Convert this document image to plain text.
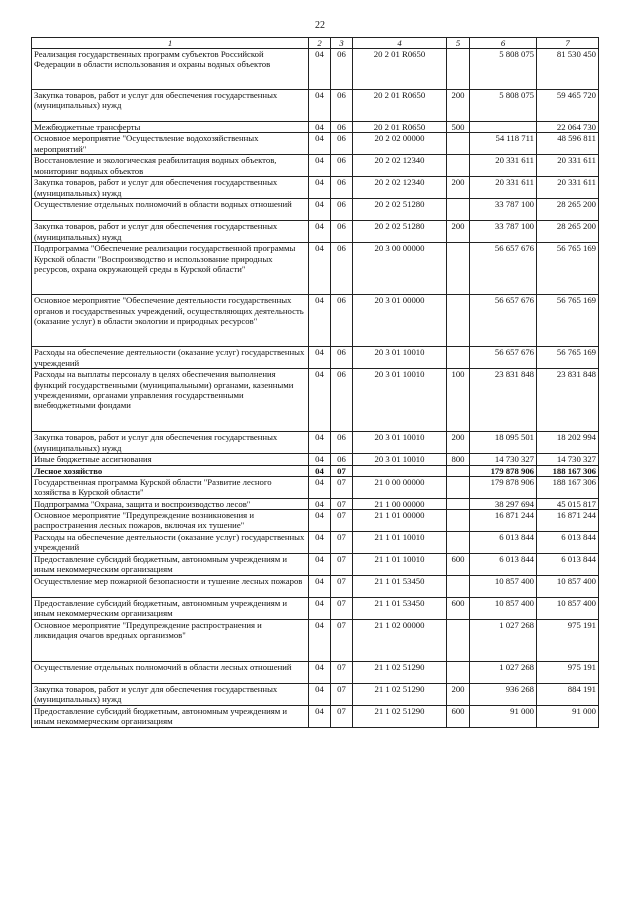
22
1	2	3	4	5	6	7
Реализация государственных программ субъектов Российской Федерации в области использования и охраны водных объектов	04	06	20 2 01 R0650		5 808 075	81 530 450
Закупка товаров, работ и услуг для обеспечения государственных (муниципальных) нужд	04	06	20 2 01 R0650	200	5 808 075	59 465 720
Межбюджетные трансферты	04	06	20 2 01 R0650	500		22 064 730
Основное мероприятие "Осуществление водохозяйственных мероприятий"	04	06	20 2 02 00000		54 118 711	48 596 811
Восстановление и экологическая реабилитация водных объектов, мониторинг водных объектов	04	06	20 2 02 12340		20 331 611	20 331 611
Закупка товаров, работ и услуг для обеспечения государственных (муниципальных) нужд	04	06	20 2 02 12340	200	20 331 611	20 331 611
Осуществление отдельных полномочий в области водных отношений	04	06	20 2 02 51280		33 787 100	28 265 200
Закупка товаров, работ и услуг для обеспечения государственных (муниципальных) нужд	04	06	20 2 02 51280	200	33 787 100	28 265 200
Подпрограмма "Обеспечение реализации государственной программы Курской области "Воспроизводство и использование природных ресурсов, охрана окружающей среды в Курской области"	04	06	20 3 00 00000		56 657 676	56 765 169
Основное мероприятие "Обеспечение деятельности государственных органов и государственных учреждений, осуществляющих деятельность (оказание услуг) в области экологии и природных ресурсов"	04	06	20 3 01 00000		56 657 676	56 765 169
Расходы на обеспечение деятельности (оказание услуг) государственных учреждений	04	06	20 3 01 10010		56 657 676	56 765 169
Расходы на выплаты персоналу в целях обеспечения выполнения функций государственными (муниципальными) органами, казенными учреждениями, органами управления государственными внебюджетными фондами	04	06	20 3 01 10010	100	23 831 848	23 831 848
Закупка товаров, работ и услуг для обеспечения государственных (муниципальных) нужд	04	06	20 3 01 10010	200	18 095 501	18 202 994
Иные бюджетные ассигнования	04	06	20 3 01 10010	800	14 730 327	14 730 327
Лесное хозяйство	04	07			179 878 906	188 167 306
Государственная программа Курской области "Развитие лесного хозяйства в Курской области"	04	07	21 0 00 00000		179 878 906	188 167 306
Подпрограмма "Охрана, защита и воспроизводство лесов"	04	07	21 1 00 00000		38 297 694	45 015 817
Основное мероприятие "Предупреждение возникновения и распространения лесных пожаров, включая их тушение"	04	07	21 1 01 00000		16 871 244	16 871 244
Расходы на обеспечение деятельности (оказание услуг) государственных учреждений	04	07	21 1 01 10010		6 013 844	6 013 844
Предоставление субсидий бюджетным, автономным учреждениям и иным некоммерческим организациям	04	07	21 1 01 10010	600	6 013 844	6 013 844
Осуществление мер пожарной безопасности и тушение лесных пожаров	04	07	21 1 01 53450		10 857 400	10 857 400
Предоставление субсидий бюджетным, автономным учреждениям и иным некоммерческим организациям	04	07	21 1 01 53450	600	10 857 400	10 857 400
Основное мероприятие "Предупреждение распространения и ликвидация очагов вредных организмов"	04	07	21 1 02 00000		1 027 268	975 191
Осуществление отдельных полномочий в области лесных отношений	04	07	21 1 02 51290		1 027 268	975 191
Закупка товаров, работ и услуг для обеспечения государственных (муниципальных) нужд	04	07	21 1 02 51290	200	936 268	884 191
Предоставление субсидий бюджетным, автономным учреждениям и иным некоммерческим организациям	04	07	21 1 02 51290	600	91 000	91 000
